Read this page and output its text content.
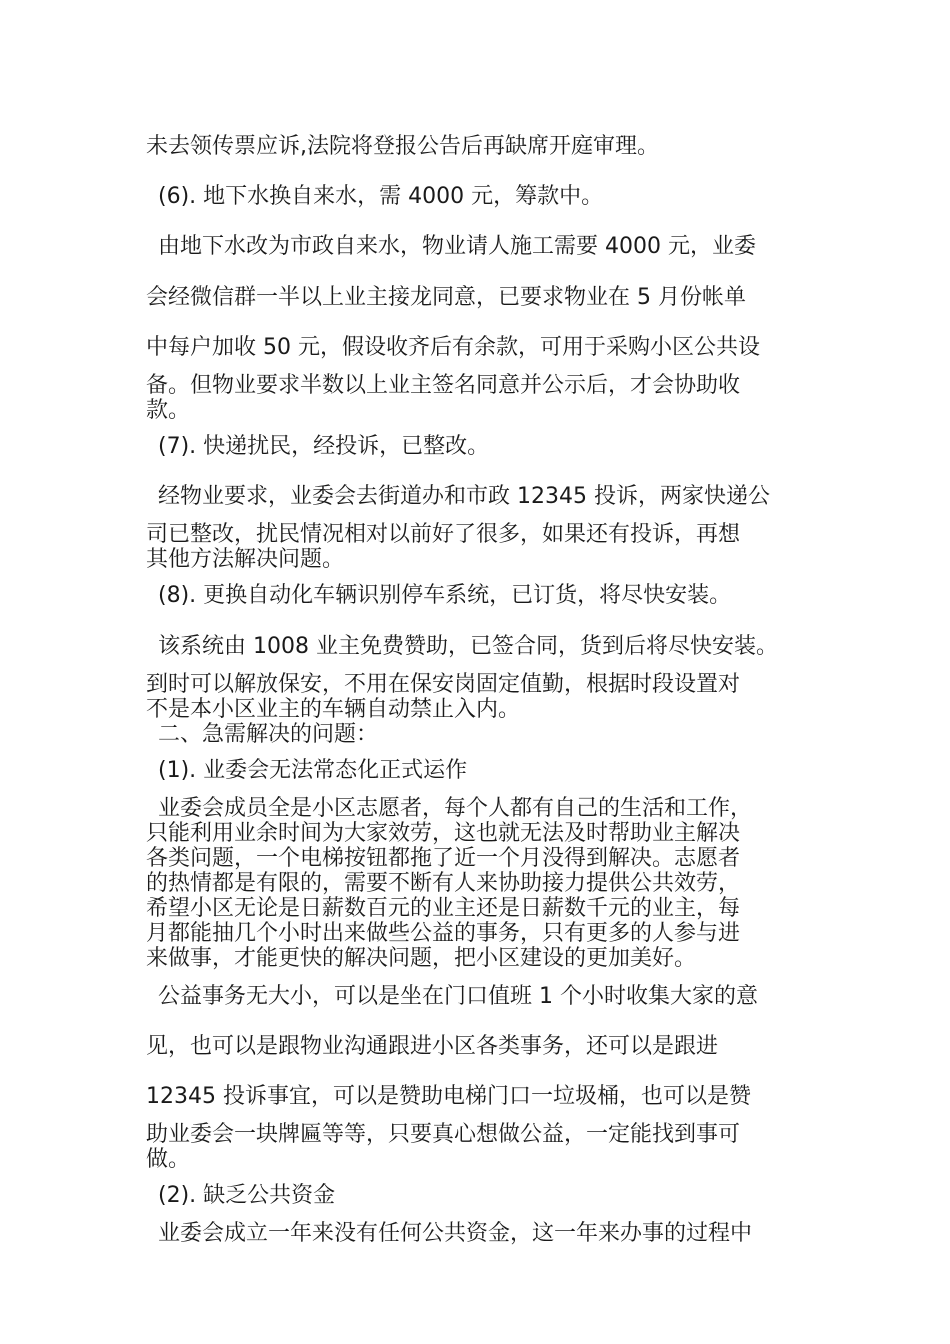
未去领传票应诉,法院将登报公告后再缺席开庭审理。
(6). 地下水换自来水，需 4000 元，筹款中。
由地下水改为市政自来水，物业请人施工需要 4000 元，业委
会经微信群一半以上业主接龙同意，已要求物业在 5 月份帐单
中每户加收 50 元，假设收齐后有余款，可用于采购小区公共设
备。但物业要求半数以上业主签名同意并公示后，才会协助收
款。
(7). 快递扰民，经投诉，已整改。
经物业要求，业委会去街道办和市政 12345 投诉，两家快递公
司已整改，扰民情况相对以前好了很多，如果还有投诉，再想
其他方法解决问题。
(8). 更换自动化车辆识别停车系统，已订货，将尽快安装。
该系统由 1008 业主免费赞助，已签合同，货到后将尽快安装。
到时可以解放保安，不用在保安岗固定值勤，根据时段设置对
不是本小区业主的车辆自动禁止入内。
二、急需解决的问题：
(1). 业委会无法常态化正式运作
业委会成员全是小区志愿者，每个人都有自己的生活和工作，
只能利用业余时间为大家效劳，这也就无法及时帮助业主解决
各类问题，一个电梯按钮都拖了近一个月没得到解决。志愿者
的热情都是有限的，需要不断有人来协助接力提供公共效劳，
希望小区无论是日薪数百元的业主还是日薪数千元的业主，每
月都能抽几个小时出来做些公益的事务，只有更多的人参与进
来做事，才能更快的解决问题，把小区建设的更加美好。
公益事务无大小，可以是坐在门口值班 1 个小时收集大家的意
见，也可以是跟物业沟通跟进小区各类事务，还可以是跟进
12345 投诉事宜，可以是赞助电梯门口一垃圾桶，也可以是赞
助业委会一块牌匾等等，只要真心想做公益，一定能找到事可
做。
(2). 缺乏公共资金
业委会成立一年来没有任何公共资金，这一年来办事的过程中
